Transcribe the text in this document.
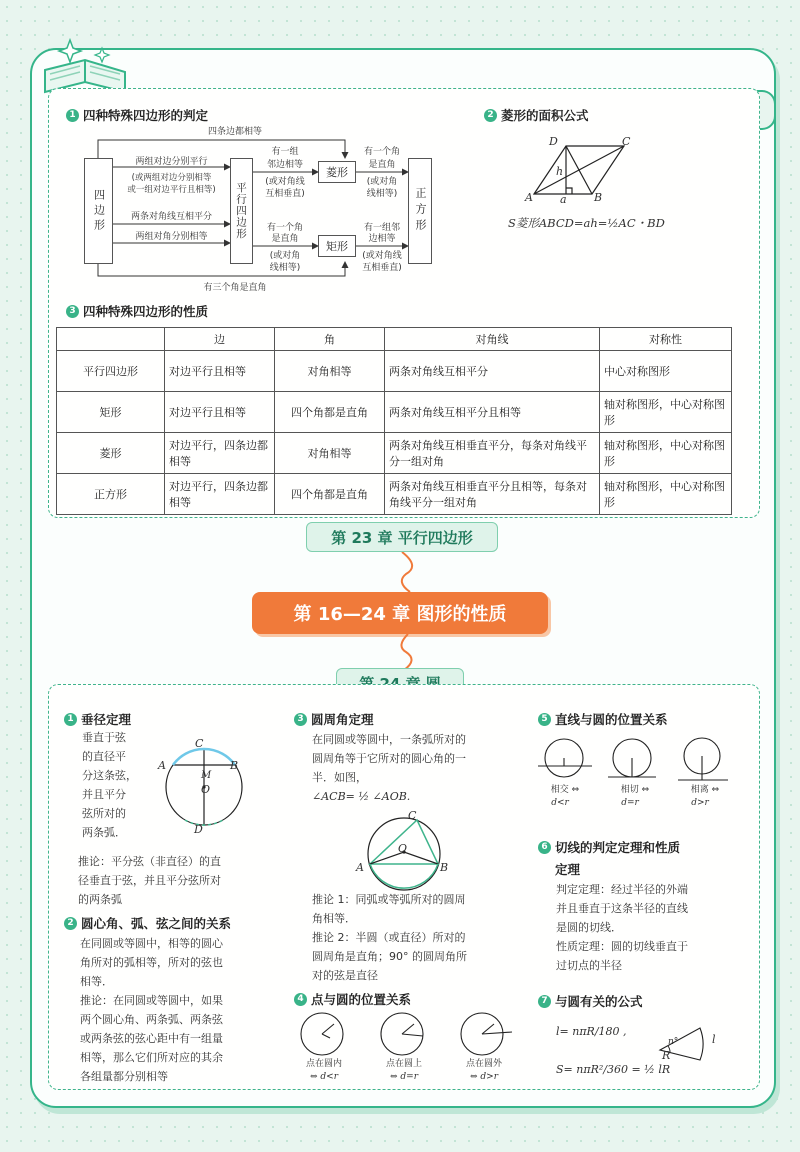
1 四种特殊四边形的判定
四条边都相等
四边形	平行四边形
菱形
矩形
正方形
两组对边分别平行
(或两组对边分别相等
或一组对边平行且相等)
两条对角线互相平分
两组对角分别相等
有一组
邻边相等
(或对角线
互相垂直)
有一个角
是直角
(或对角
线相等)
有一个角
是直角
(或对角
线相等)
有一组邻
边相等
(或对角线
互相垂直)
有三个角是直角
2 菱形的面积公式
D	C
A	B
h
a
S菱形ABCD=ah=½AC・BD
3 四种特殊四边形的性质
	边	角	对角线	对称性
平行四边形	对边平行且相等	对角相等	两条对角线互相平分	中心对称图形
矩形	对边平行且相等	四个角都是直角	两条对角线互相平分且相等	轴对称图形，中心对称图形
菱形	对边平行，四条边都相等	对角相等	两条对角线互相垂直平分，每条对角线平分一组对角	轴对称图形，中心对称图形
正方形	对边平行，四条边都相等	四个角都是直角	两条对角线互相垂直平分且相等，每条对角线平分一组对角	轴对称图形，中心对称图形
第 23 章 平行四边形
第 16—24 章 图形的性质
1 垂径定理
垂直于弦
的直径平
分这条弦，
并且平分
弦所对的
两条弧．
C
A	B
M
O
D
推论：平分弦（非直径）的直
径垂直于弦，并且平分弦所对
的两条弧
2 圆心角、弧、弦之间的关系
在同圆或等圆中，相等的圆心
角所对的弧相等，所对的弦也
相等．
推论：在同圆或等圆中，如果
两个圆心角、两条弧、两条弦
或两条弦的弦心距中有一组量
相等，那么它们所对应的其余
各组量都分别相等
3 圆周角定理
在同圆或等圆中，一条弧所对的
圆周角等于它所对的圆心角的一
半．如图，
∠ACB= ½ ∠AOB.
C
O
A	B
推论 1：同弧或等弧所对的圆周
角相等．
推论 2：半圆（或直径）所对的
圆周角是直角；90° 的圆周角所
对的弦是直径
4 点与圆的位置关系
点在圆内	点在圆上	点在圆外
⇔ d<r	⇔ d=r	⇔ d>r
5 直线与圆的位置关系
相交 ⇔	相切 ⇔	相离 ⇔
d<r	d=r	d>r
6 切线的判定定理和性质
定理
判定定理：经过半径的外端
并且垂直于这条半径的直线
是圆的切线．
性质定理：圆的切线垂直于
过切点的半径
7 与圆有关的公式
l= nπR/180 ,
S= nπR²/360 = ½ lR
n°
R
l
